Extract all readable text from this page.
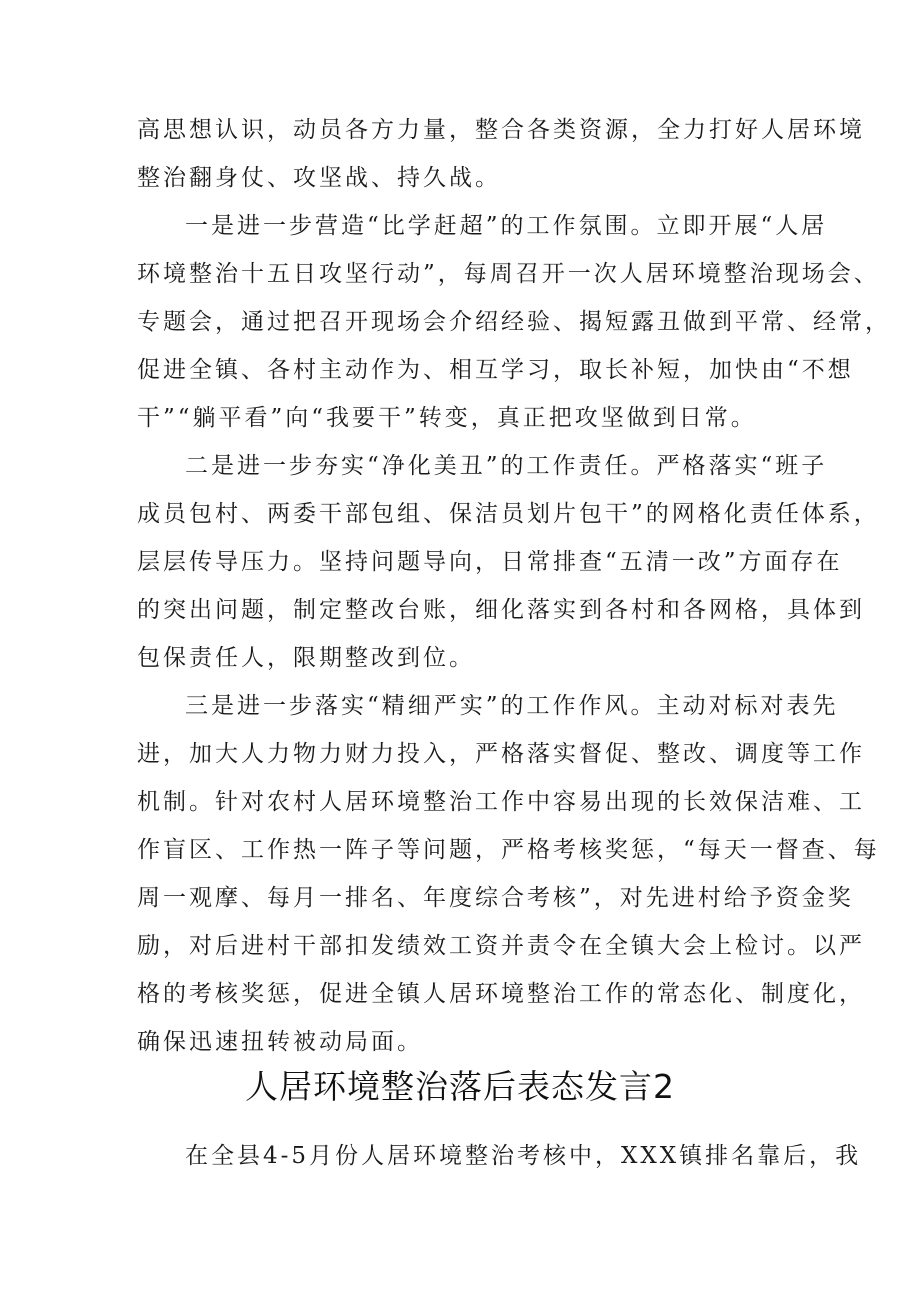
高思想认识，动员各方力量，整合各类资源，全力打好人居环境
整治翻身仗、攻坚战、持久战。
一是进一步营造“比学赶超”的工作氛围。立即开展“人居
环境整治十五日攻坚行动”，每周召开一次人居环境整治现场会、
专题会，通过把召开现场会介绍经验、揭短露丑做到平常、经常，
促进全镇、各村主动作为、相互学习，取长补短，加快由“不想
干”“躺平看”向“我要干”转变，真正把攻坚做到日常。
二是进一步夯实“净化美丑”的工作责任。严格落实“班子
成员包村、两委干部包组、保洁员划片包干”的网格化责任体系，
层层传导压力。坚持问题导向，日常排查“五清一改”方面存在
的突出问题，制定整改台账，细化落实到各村和各网格，具体到
包保责任人，限期整改到位。
三是进一步落实“精细严实”的工作作风。主动对标对表先
进，加大人力物力财力投入，严格落实督促、整改、调度等工作
机制。针对农村人居环境整治工作中容易出现的长效保洁难、工
作盲区、工作热一阵子等问题，严格考核奖惩，“每天一督查、每
周一观摩、每月一排名、年度综合考核”，对先进村给予资金奖
励，对后进村干部扣发绩效工资并责令在全镇大会上检讨。以严
格的考核奖惩，促进全镇人居环境整治工作的常态化、制度化，
确保迅速扭转被动局面。
人居环境整治落后表态发言2
在全县4-5月份人居环境整治考核中，XXX镇排名靠后，我
